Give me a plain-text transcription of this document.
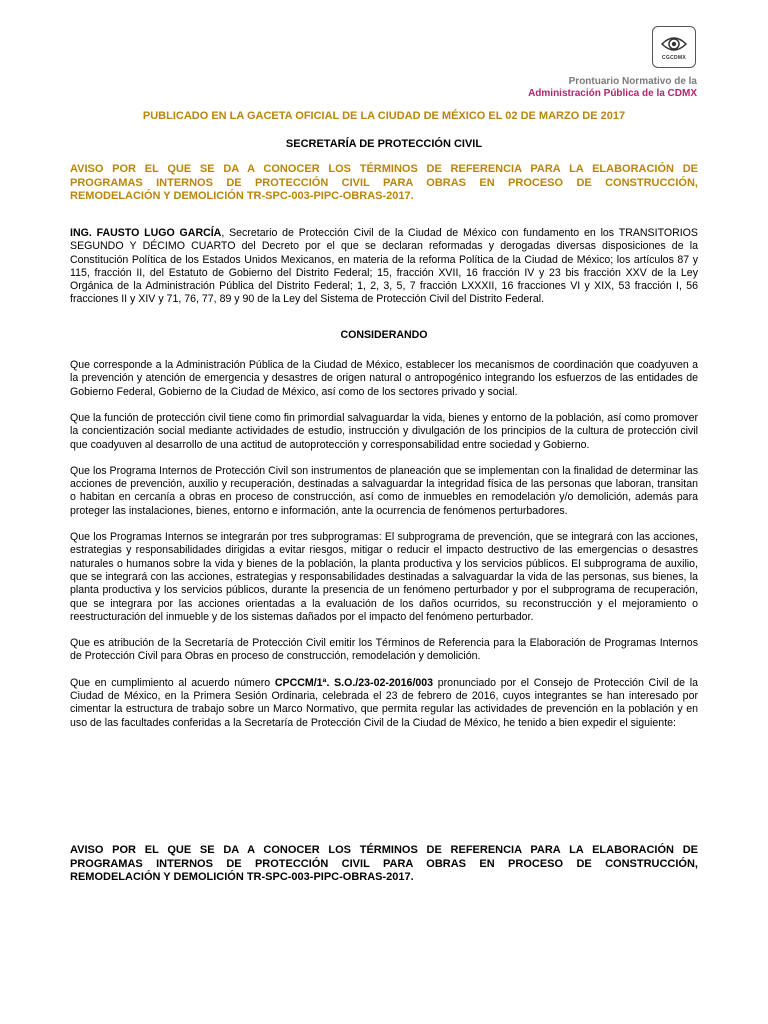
CGCDMX
Prontuario Normativo de la
Administración Pública de la CDMX
PUBLICADO EN LA GACETA OFICIAL DE LA CIUDAD DE MÉXICO EL 02 DE MARZO DE 2017
SECRETARÍA DE PROTECCIÓN CIVIL
AVISO POR EL QUE SE DA A CONOCER LOS TÉRMINOS DE REFERENCIA PARA LA ELABORACIÓN DE
PROGRAMAS INTERNOS DE PROTECCIÓN CIVIL PARA OBRAS EN PROCESO DE CONSTRUCCIÓN,
REMODELACIÓN Y DEMOLICIÓN TR-SPC-003-PIPC-OBRAS-2017.

ING. FAUSTO LUGO GARCÍA, Secretario de Protección Civil de la Ciudad de México con fundamento en los TRANSITORIOS SEGUNDO Y DÉCIMO CUARTO del Decreto por el que se declaran reformadas y derogadas diversas disposiciones de la Constitución Política de los Estados Unidos Mexicanos, en materia de la reforma Política de la Ciudad de México; los artículos 87 y 115, fracción II, del Estatuto de Gobierno del Distrito Federal; 15, fracción XVII, 16 fracción IV y 23 bis fracción XXV de la Ley Orgánica de la Administración Pública del Distrito Federal; 1, 2, 3, 5, 7 fracción LXXXII, 16 fracciones VI y XIX, 53 fracción I, 56 fracciones II y XIV y 71, 76, 77, 89 y 90 de la Ley del Sistema de Protección Civil del Distrito Federal.

CONSIDERANDO

Que corresponde a la Administración Pública de la Ciudad de México, establecer los mecanismos de coordinación que coadyuven a la prevención y atención de emergencia y desastres de origen natural o antropogénico integrando los esfuerzos de las entidades de Gobierno Federal, Gobierno de la Ciudad de México, así como de los sectores privado y social.

Que la función de protección civil tiene como fin primordial salvaguardar la vida, bienes y entorno de la población, así como promover la concientización social mediante actividades de estudio, instrucción y divulgación de los principios de la cultura de protección civil que coadyuven al desarrollo de una actitud de autoprotección y corresponsabilidad entre sociedad y Gobierno.

Que los Programa Internos de Protección Civil son instrumentos de planeación que se implementan con la finalidad de determinar las acciones de prevención, auxilio y recuperación, destinadas a salvaguardar la integridad física de las personas que laboran, transitan o habitan en cercanía a obras en proceso de construcción, así como de inmuebles en remodelación y/o demolición, además para proteger las instalaciones, bienes, entorno e información, ante la ocurrencia de fenómenos perturbadores.

Que los Programas Internos se integrarán por tres subprogramas: El subprograma de prevención, que se integrará con las acciones, estrategias y responsabilidades dirigidas a evitar riesgos, mitigar o reducir el impacto destructivo de las emergencias o desastres naturales o humanos sobre la vida y bienes de la población, la planta productiva y los servicios públicos. El subprograma de auxilio, que se integrará con las acciones, estrategias y responsabilidades destinadas a salvaguardar la vida de las personas, sus bienes, la planta productiva y los servicios públicos, durante la presencia de un fenómeno perturbador y por el subprograma de recuperación, que se integrara por las acciones orientadas a la evaluación de los daños ocurridos, su reconstrucción y el mejoramiento o reestructuración del inmueble y de los sistemas dañados por el impacto del fenómeno perturbador.

Que es atribución de la Secretaría de Protección Civil emitir los Términos de Referencia para la Elaboración de Programas Internos de Protección Civil para Obras en proceso de construcción, remodelación y demolición.

Que en cumplimiento al acuerdo número CPCCM/1ª. S.O./23-02-2016/003 pronunciado por el Consejo de Protección Civil de la Ciudad de México, en la Primera Sesión Ordinaria, celebrada el 23 de febrero de 2016, cuyos integrantes se han interesado por cimentar la estructura de trabajo sobre un Marco Normativo, que permita regular las actividades de prevención en la población y en uso de las facultades conferidas a la Secretaría de Protección Civil de la Ciudad de México, he tenido a bien expedir el siguiente:

AVISO POR EL QUE SE DA A CONOCER LOS TÉRMINOS DE REFERENCIA PARA LA ELABORACIÓN DE
PROGRAMAS INTERNOS DE PROTECCIÓN CIVIL PARA OBRAS EN PROCESO DE CONSTRUCCIÓN,
REMODELACIÓN Y DEMOLICIÓN TR-SPC-003-PIPC-OBRAS-2017.
